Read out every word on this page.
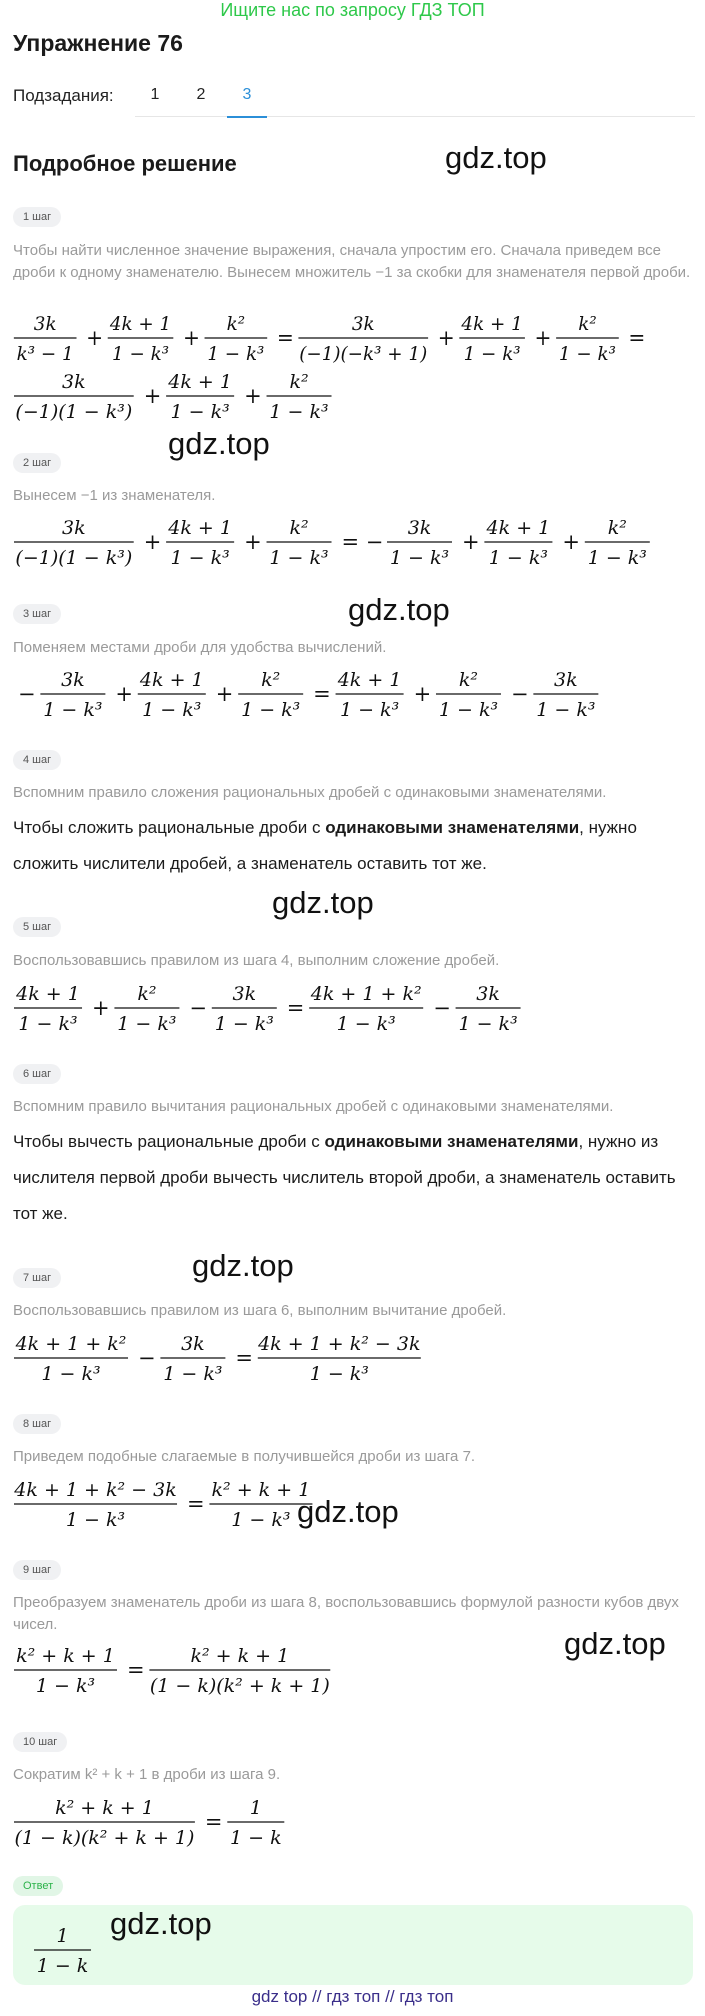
Ищите нас по запросу ГДЗ ТОП
Упражнение 76
Подзадания:	1	2	3
Подробное решение	gdz.top
1 шаг
Чтобы найти численное значение выражения, сначала упростим его. Сначала приведем все дроби к одному знаменателю. Вынесем множитель −1 за скобки для знаменателя первой дроби.
3k
k³ − 1
+
4k + 1
1 − k³
+
k²
1 − k³
=
3k
(−1)(−k³ + 1)
+
4k + 1
1 − k³
+
k²
1 − k³
=
3k
(−1)(1 − k³)
+
4k + 1
1 − k³
+
k²
1 − k³
gdz.top
2 шаг
Вынесем −1 из знаменателя.
3k
(−1)(1 − k³)
+
4k + 1
1 − k³
+
k²
1 − k³
= −
3k
1 − k³
+
4k + 1
1 − k³
+
k²
1 − k³
gdz.top
3 шаг
Поменяем местами дроби для удобства вычислений.
−
3k
1 − k³
+
4k + 1
1 − k³
+
k²
1 − k³
=
4k + 1
1 − k³
+
k²
1 − k³
−
3k
1 − k³
4 шаг
Вспомним правило сложения рациональных дробей с одинаковыми знаменателями.
Чтобы сложить рациональные дроби с одинаковыми знаменателями, нужно сложить числители дробей, а знаменатель оставить тот же.
gdz.top
5 шаг
Воспользовавшись правилом из шага 4, выполним сложение дробей.
4k + 1
1 − k³
+
k²
1 − k³
−
3k
1 − k³
=
4k + 1 + k²
1 − k³
−
3k
1 − k³
6 шаг
Вспомним правило вычитания рациональных дробей с одинаковыми знаменателями.
Чтобы вычесть рациональные дроби с одинаковыми знаменателями, нужно из числителя первой дроби вычесть числитель второй дроби, а знаменатель оставить тот же.
gdz.top
7 шаг
Воспользовавшись правилом из шага 6, выполним вычитание дробей.
4k + 1 + k²
1 − k³
−
3k
1 − k³
=
4k + 1 + k² − 3k
1 − k³
8 шаг
Приведем подобные слагаемые в получившейся дроби из шага 7.
4k + 1 + k² − 3k
1 − k³
=
k² + k + 1
1 − k³ gdz.top
9 шаг
Преобразуем знаменатель дроби из шага 8, воспользовавшись формулой разности кубов двух чисел.
gdz.top
k² + k + 1
1 − k³
=
k² + k + 1
(1 − k)(k² + k + 1)
10 шаг
Сократим k² + k + 1 в дроби из шага 9.
k² + k + 1
(1 − k)(k² + k + 1)
=
1
1 − k
Ответ
1
1 − k
gdz.top
gdz top // гдз топ // гдз топ
